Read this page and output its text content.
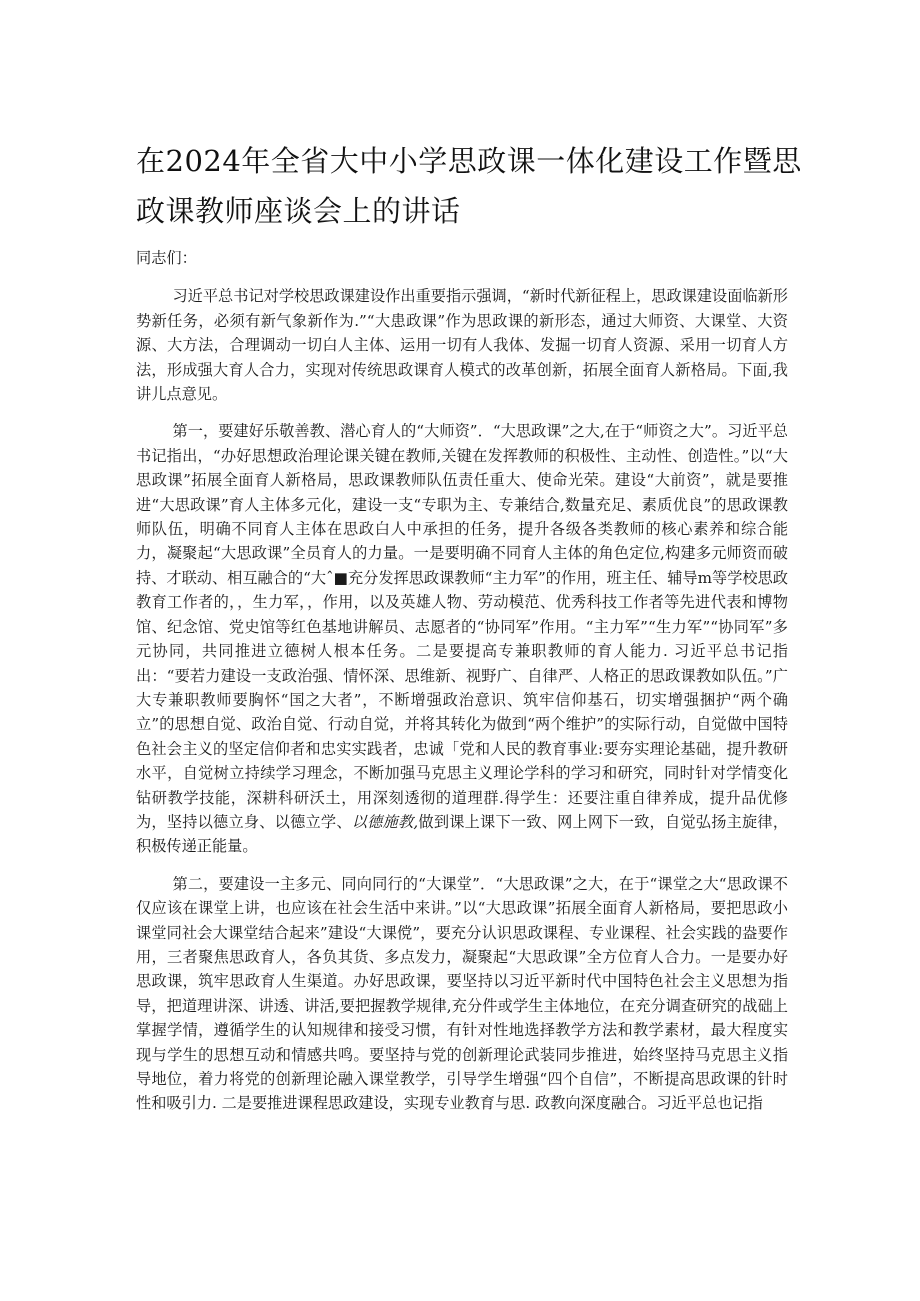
在2024年全省大中小学思政课一体化建设工作暨思
政课教师座谈会上的讲话

同志们：

习近平总书记对学校思政课建设作出重要指示强调，“新时代新征程上，思政课建设面临新形势新任务，必须有新气象新作为.”“大患政课”作为思政课的新形态，通过大师资、大课堂、大资源、大方法，合理调动一切白人主体、运用一切有人我体、发掘一切育人资源、采用一切育人方法，形成强大育人合力，实现对传统思政课育人模式的改革创新，拓展全面育人新格局。下面,我讲儿点意见。

第一，要建好乐敬善教、潜心育人的“大师资”．“大思政课”之大,在于“师资之大”。习近平总书记指出，“办好思想政治理论课关键在教师,关键在发挥教师的积极性、主动性、创造性。”以“大思政课”拓展全面育人新格局，思政课教师队伍责任重大、使命光荣。建设“大前资”，就是要推进“大思政课”育人主体多元化，建设一支“专职为主、专兼结合,数量充足、素质优良”的思政课教师队伍，明确不同育人主体在思政白人中承担的任务，提升各级各类教师的核心素养和综合能力，凝聚起“大思政课”全员育人的力量。一是要明确不同育人主体的角色定位,构建多元师资而破持、才联动、相互融合的“大ˆ■充分发挥思政课教师“主力军”的作用，班主任、辅导m等学校思政教育工作者的，，生力军，，作用，以及英雄人物、劳动模范、优秀科技工作者等先进代表和博物馆、纪念馆、党史馆等红色基地讲解员、志愿者的“协同军”作用。“主力军”“生力军”“协同军”多元协同，共同推进立德树人根本任务。二是要提高专兼职教师的育人能力. 习近平总书记指出：“要若力建设一支政治强、情怀深、思维新、视野广、自律严、人格正的思政课教如队伍。”广大专兼职教师要胸怀“国之大者”，不断增强政治意识、筑牢信仰基石，切实增强捆护“两个确立”的思想自觉、政治自觉、行动自觉，并将其转化为做到“两个维护”的实际行动，自觉做中国特色社会主义的坚定信仰者和忠实实践者，忠诚「党和人民的教育事业:要夯实理论基础，提升教研水平，自觉树立持续学习理念，不断加强马克思主义理论学科的学习和研究，同时针对学情变化钻研教学技能，深耕科研沃土，用深刻透彻的道理群.得学生：还要注重自律养成，提升品优修为，坚持以德立身、以德立学、以德施教,做到课上课下一致、网上网下一致，自觉弘扬主旋律，积极传递正能量。

第二，要建设一主多元、同向同行的“大课堂”．“大思政课”之大，在于“课堂之大“思政课不仅应该在课堂上讲，也应该在社会生活中来讲。”以“大思政课”拓展全面育人新格局，要把思政小课堂同社会大课堂结合起来”建设“大课傥”，要充分认识思政课程、专业课程、社会实践的盎要作用，三者聚焦思政育人，各负其货、多点发力，凝聚起“大思政课”全方位育人合力。一是要办好思政课，筑牢思政育人生渠道。办好思政课，要坚持以习近平新时代中国特色社会主义思想为指导，把道理讲深、讲透、讲活,要把握教学规律,充分件或学生主体地位，在充分调查研究的战础上掌握学情，遵循学生的认知规律和接受习惯，有针对性地选择教学方法和教学素材，最大程度实现与学生的思想互动和情感共鸣。要坚持与党的创新理论武装同步推进，始终坚持马克思主义指导地位，着力将党的创新理论融入课堂教学，引导学生增强“四个自信”，不断提高思政课的针时性和吸引力. 二是要推进课程思政建设，实现专业教育与思. 政教向深度融合。习近平总也记指
